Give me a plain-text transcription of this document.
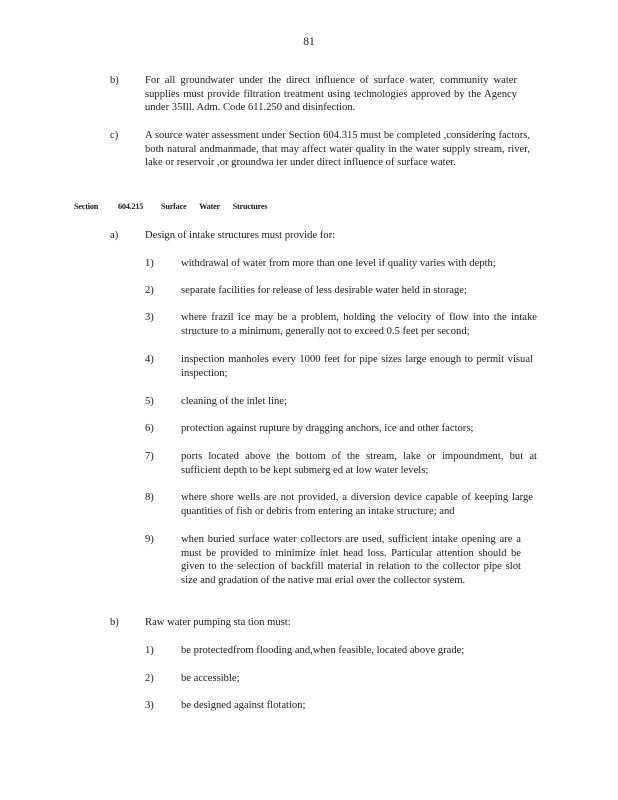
81
b) For all groundwater under the direct influence of surface water, community water supplies must provide filtration treatment using technologies approved by the Agency under 35Ill. Adm. Code 611.250 and disinfection.
c)	A source water assessment under Section 604.315 must be completed ,considering factors, both natural andmanmade, that may affect water quality in the water supply stream, river, lake or reservoir ,or groundwa ter under direct influence of surface water.
Section 604.215 Surface Water Structures
a)	Design of intake structures must provide for:
1)	withdrawal of water from more than one level if quality varies with depth;
2)	separate facilities for release of less desirable water held in storage;
3)	where frazil ice may be a problem, holding the velocity of flow into the intake structure to a minimum, generally not to exceed 0.5 feet per second;
4)	inspection manholes every 1000 feet for pipe sizes large enough to permit visual inspection;
5)	cleaning of the inlet line;
6)	protection against rupture by dragging anchors, ice and other factors;
7)	ports located above the bottom of the stream, lake or impoundment, but at sufficient depth to be kept submerg ed at low water levels;
8)	where shore wells are not provided, a diversion device capable of keeping large quantities of fish or debris from entering an intake structure; and
9)	when buried surface water collectors are used, sufficient intake opening are a must be provided to minimize inlet head loss. Particular attention should be given to the selection of backfill material in relation to the collector pipe slot size and gradation of the native mat erial over the collector system.
b) Raw water pumping sta tion must:
1)	be protectedfrom flooding and,when feasible, located above grade;
2)	be accessible;
3)	be designed against flotation;
